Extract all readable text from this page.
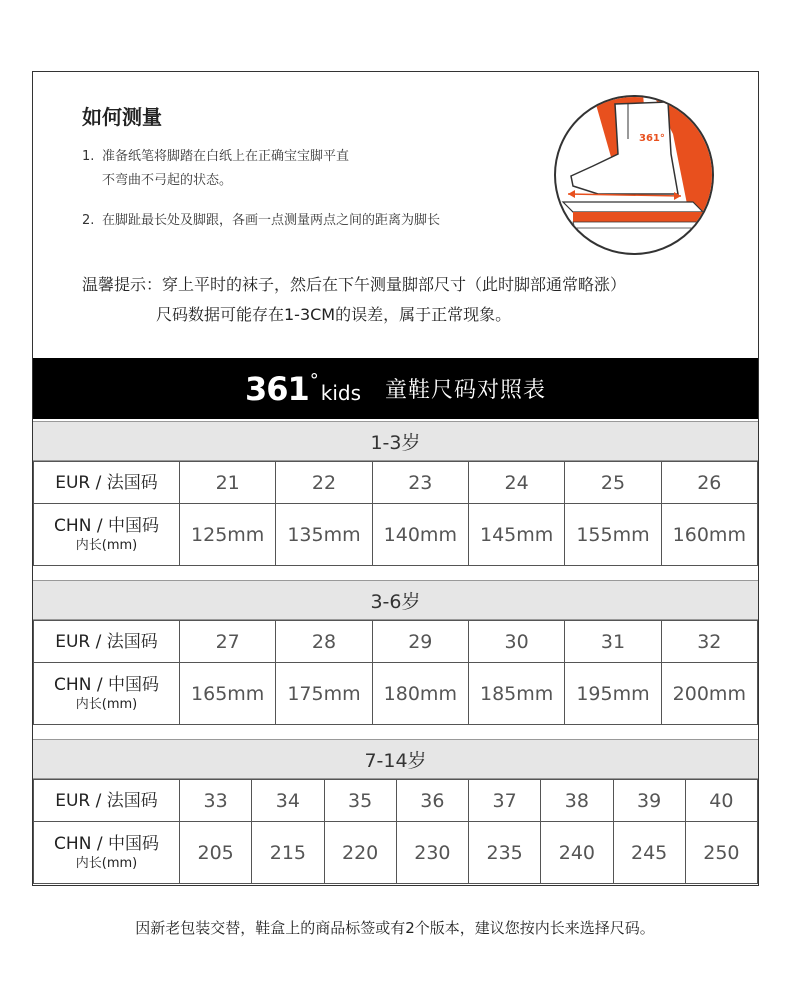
如何测量
1. 准备纸笔将脚踏在白纸上在正确宝宝脚平直
不弯曲不弓起的状态。
2. 在脚趾最长处及脚跟，各画一点测量两点之间的距离为脚长
361°
温馨提示：穿上平时的袜子，然后在下午测量脚部尺寸（此时脚部通常略涨）
尺码数据可能存在1-3CM的误差，属于正常现象。
361 °
kids 童鞋尺码对照表
1-3岁
EUR / 法国码	21	22	23	24	25	26
CHN / 中国码
内长(mm)	125mm	135mm	140mm	145mm	155mm	160mm
3-6岁
EUR / 法国码	27	28	29	30	31	32
CHN / 中国码
内长(mm)	165mm	175mm	180mm	185mm	195mm	200mm
7-14岁
EUR / 法国码	33	34	35	36	37	38	39	40
CHN / 中国码
内长(mm)	205	215	220	230	235	240	245	250
因新老包装交替，鞋盒上的商品标签或有2个版本，建议您按内长来选择尺码。
